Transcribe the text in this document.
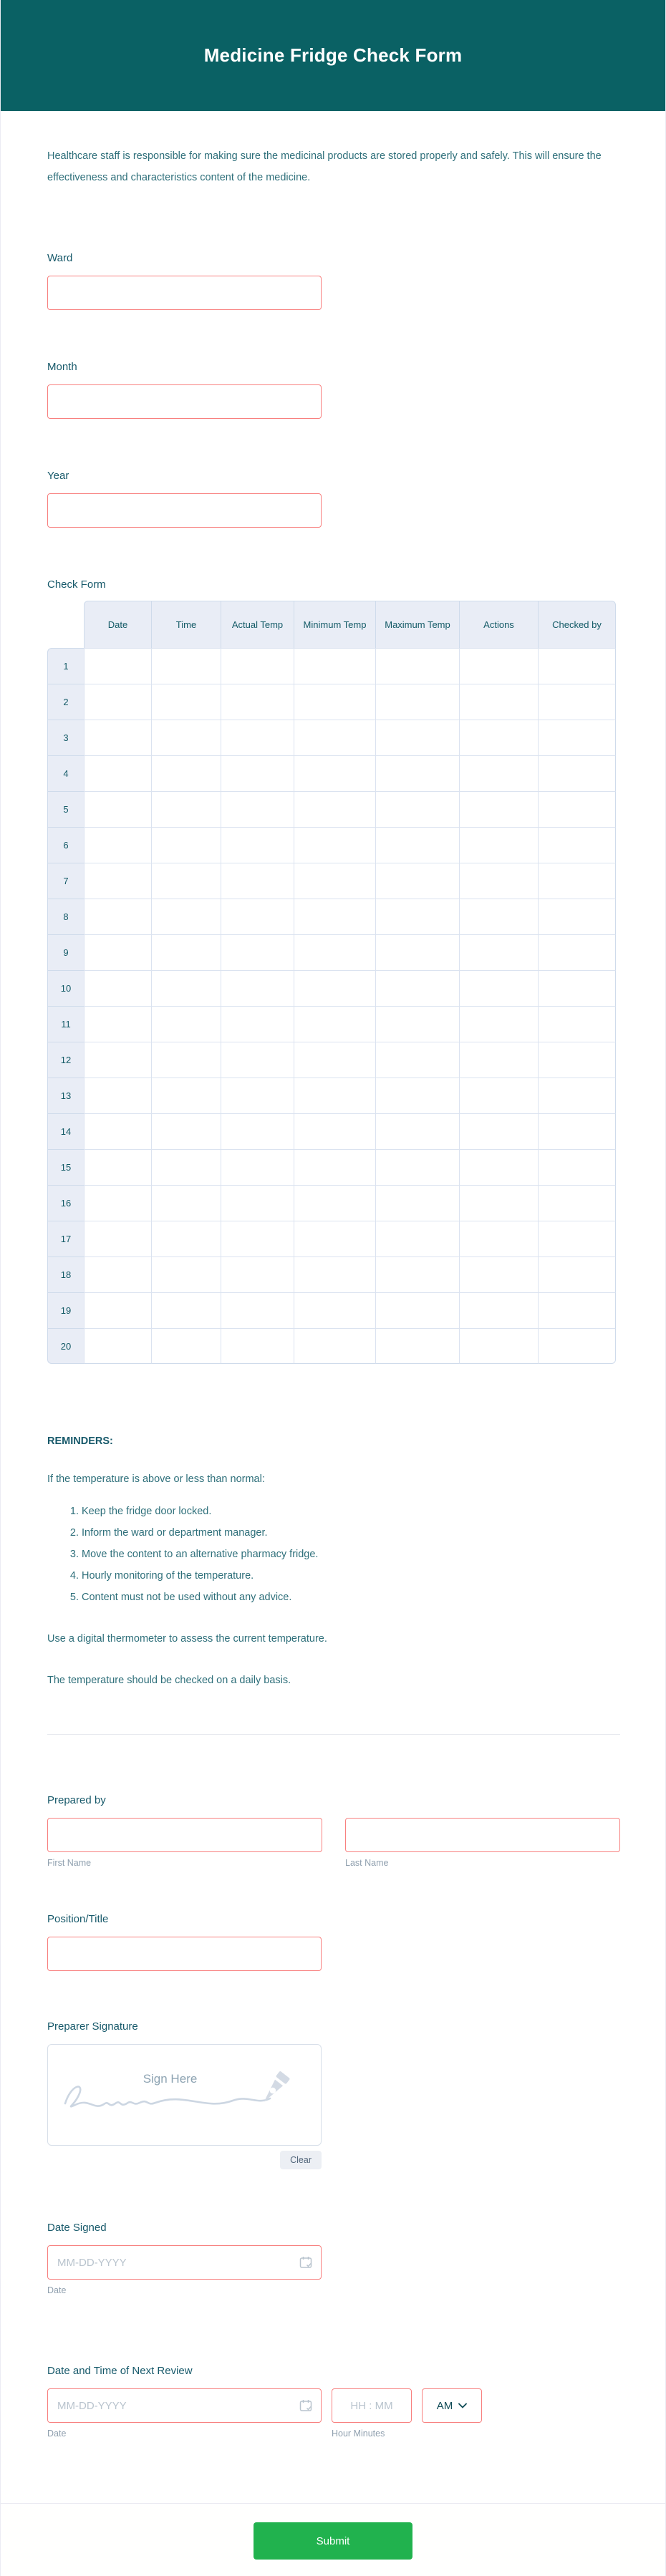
Medicine Fridge Check Form

Healthcare staff is responsible for making sure the medicinal products are stored properly and safely. This will ensure the effectiveness and characteristics content of the medicine.

Ward
Month
Year
Check Form
	Date	Time	Actual Temp	Minimum Temp	Maximum Temp	Actions	Checked by
1							
2							
3							
4							
5							
6							
7							
8							
9							
10							
11							
12							
13							
14							
15							
16							
17							
18							
19							
20							
REMINDERS:

If the temperature is above or less than normal:

1. Keep the fridge door locked.
2. Inform the ward or department manager.
3. Move the content to an alternative pharmacy fridge.
4. Hourly monitoring of the temperature.
5. Content must not be used without any advice.

Use a digital thermometer to assess the current temperature.

The temperature should be checked on a daily basis.

Prepared by
First Name	Last Name
Position/Title
Preparer Signature
Sign Here
Clear
Date Signed
MM-DD-YYYY
Date
Date and Time of Next Review
MM-DD-YYYY
HH : MM
AM
Date	Hour Minutes
Submit
